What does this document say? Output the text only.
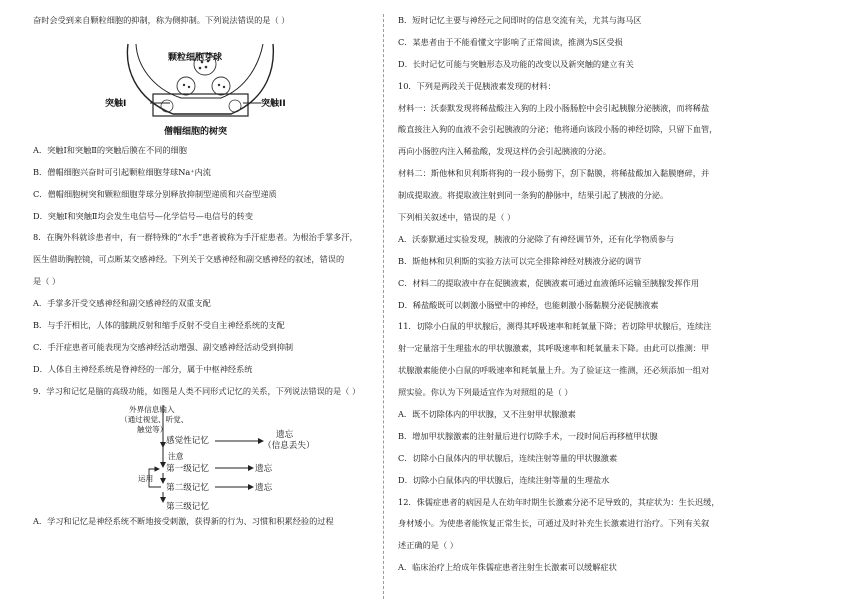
奋时会受到来自颗粒细胞的抑制，称为侧抑制。下列说法错误的是（ ）
颗粒细胞芽球
突触I	突触II
僧帽细胞的树突
A．突触I和突触Ⅱ的突触后膜在不同的细胞
B．僧帽细胞兴奋时可引起颗粒细胞芽球Na⁺内流
C．僧帽细胞树突和颗粒细胞芽球分别释放抑制型递质和兴奋型递质
D．突触I和突触Ⅱ均会发生电信号—化学信号—电信号的转变
8．在胸外科就诊患者中，有一群特殊的“水手”患者被称为手汗症患者。为根治手掌多汗，
医生借助胸腔镜，可点断某交感神经。下列关于交感神经和副交感神经的叙述，错误的
是（ ）
A．手掌多汗受交感神经和副交感神经的双重支配
B．与手汗相比，人体的膝跳反射和缩手反射不受自主神经系统的支配
C．手汗症患者可能表现为交感神经活动增强、副交感神经活动受到抑制
D．人体自主神经系统是脊神经的一部分，属于中枢神经系统
9．学习和记忆是脑的高级功能，如图是人类不同形式记忆的关系，下列说法错误的是（ ）
外界信息输入
（通过视觉、听觉、
触觉等）
感觉性记忆
遗忘
（信息丢失）
注意
第一级记忆	遗忘
第二级记忆	遗忘
第三级记忆
运用
A．学习和记忆是神经系统不断地接受刺激，获得新的行为、习惯和积累经验的过程
B．短时记忆主要与神经元之间即时的信息交流有关，尤其与海马区
C．某患者由于不能看懂文字影响了正常阅读，推测为S区受损
D．长时记忆可能与突触形态及功能的改变以及新突触的建立有关
10．下列是两段关于促胰液素发现的材料：
材料一：沃泰默发现将稀盐酸注入狗的上段小肠肠腔中会引起胰腺分泌胰液，而将稀盐
酸直接注入狗的血液不会引起胰液的分泌；他将通向该段小肠的神经切除，只留下血管，
再向小肠腔内注入稀盐酸，发现这样仍会引起胰液的分泌。
材料二：斯他林和贝利斯将狗的一段小肠剪下，刮下黏膜，将稀盐酸加入黏膜磨碎，并
制成提取液。将提取液注射到同一条狗的静脉中，结果引起了胰液的分泌。
下列相关叙述中，错误的是（ ）
A．沃泰默通过实验发现，胰液的分泌除了有神经调节外，还有化学物质参与
B．斯他林和贝利斯的实验方法可以完全排除神经对胰液分泌的调节
C．材料二的提取液中存在促胰液素，促胰液素可通过血液循环运输至胰腺发挥作用
D．稀盐酸既可以刺激小肠壁中的神经，也能刺激小肠黏膜分泌促胰液素
11．切除小白鼠的甲状腺后，测得其呼吸速率和耗氧量下降；若切除甲状腺后，连续注
射一定量溶于生理盐水的甲状腺激素，其呼吸速率和耗氧量未下降。由此可以推测：甲
状腺激素能使小白鼠的呼吸速率和耗氧量上升。为了验证这一推测，还必须添加一组对
照实验。你认为下列最适宜作为对照组的是（ ）
A．既不切除体内的甲状腺，又不注射甲状腺激素
B．增加甲状腺激素的注射量后进行切除手术，一段时间后再移植甲状腺
C．切除小白鼠体内的甲状腺后，连续注射等量的甲状腺激素
D．切除小白鼠体内的甲状腺后，连续注射等量的生理盐水
12．侏儒症患者的病因是人在幼年时期生长激素分泌不足导致的，其症状为：生长迟缓，
身材矮小。为使患者能恢复正常生长，可通过及时补充生长激素进行治疗。下列有关叙
述正确的是（ ）
A．临床治疗上给成年侏儒症患者注射生长激素可以缓解症状
